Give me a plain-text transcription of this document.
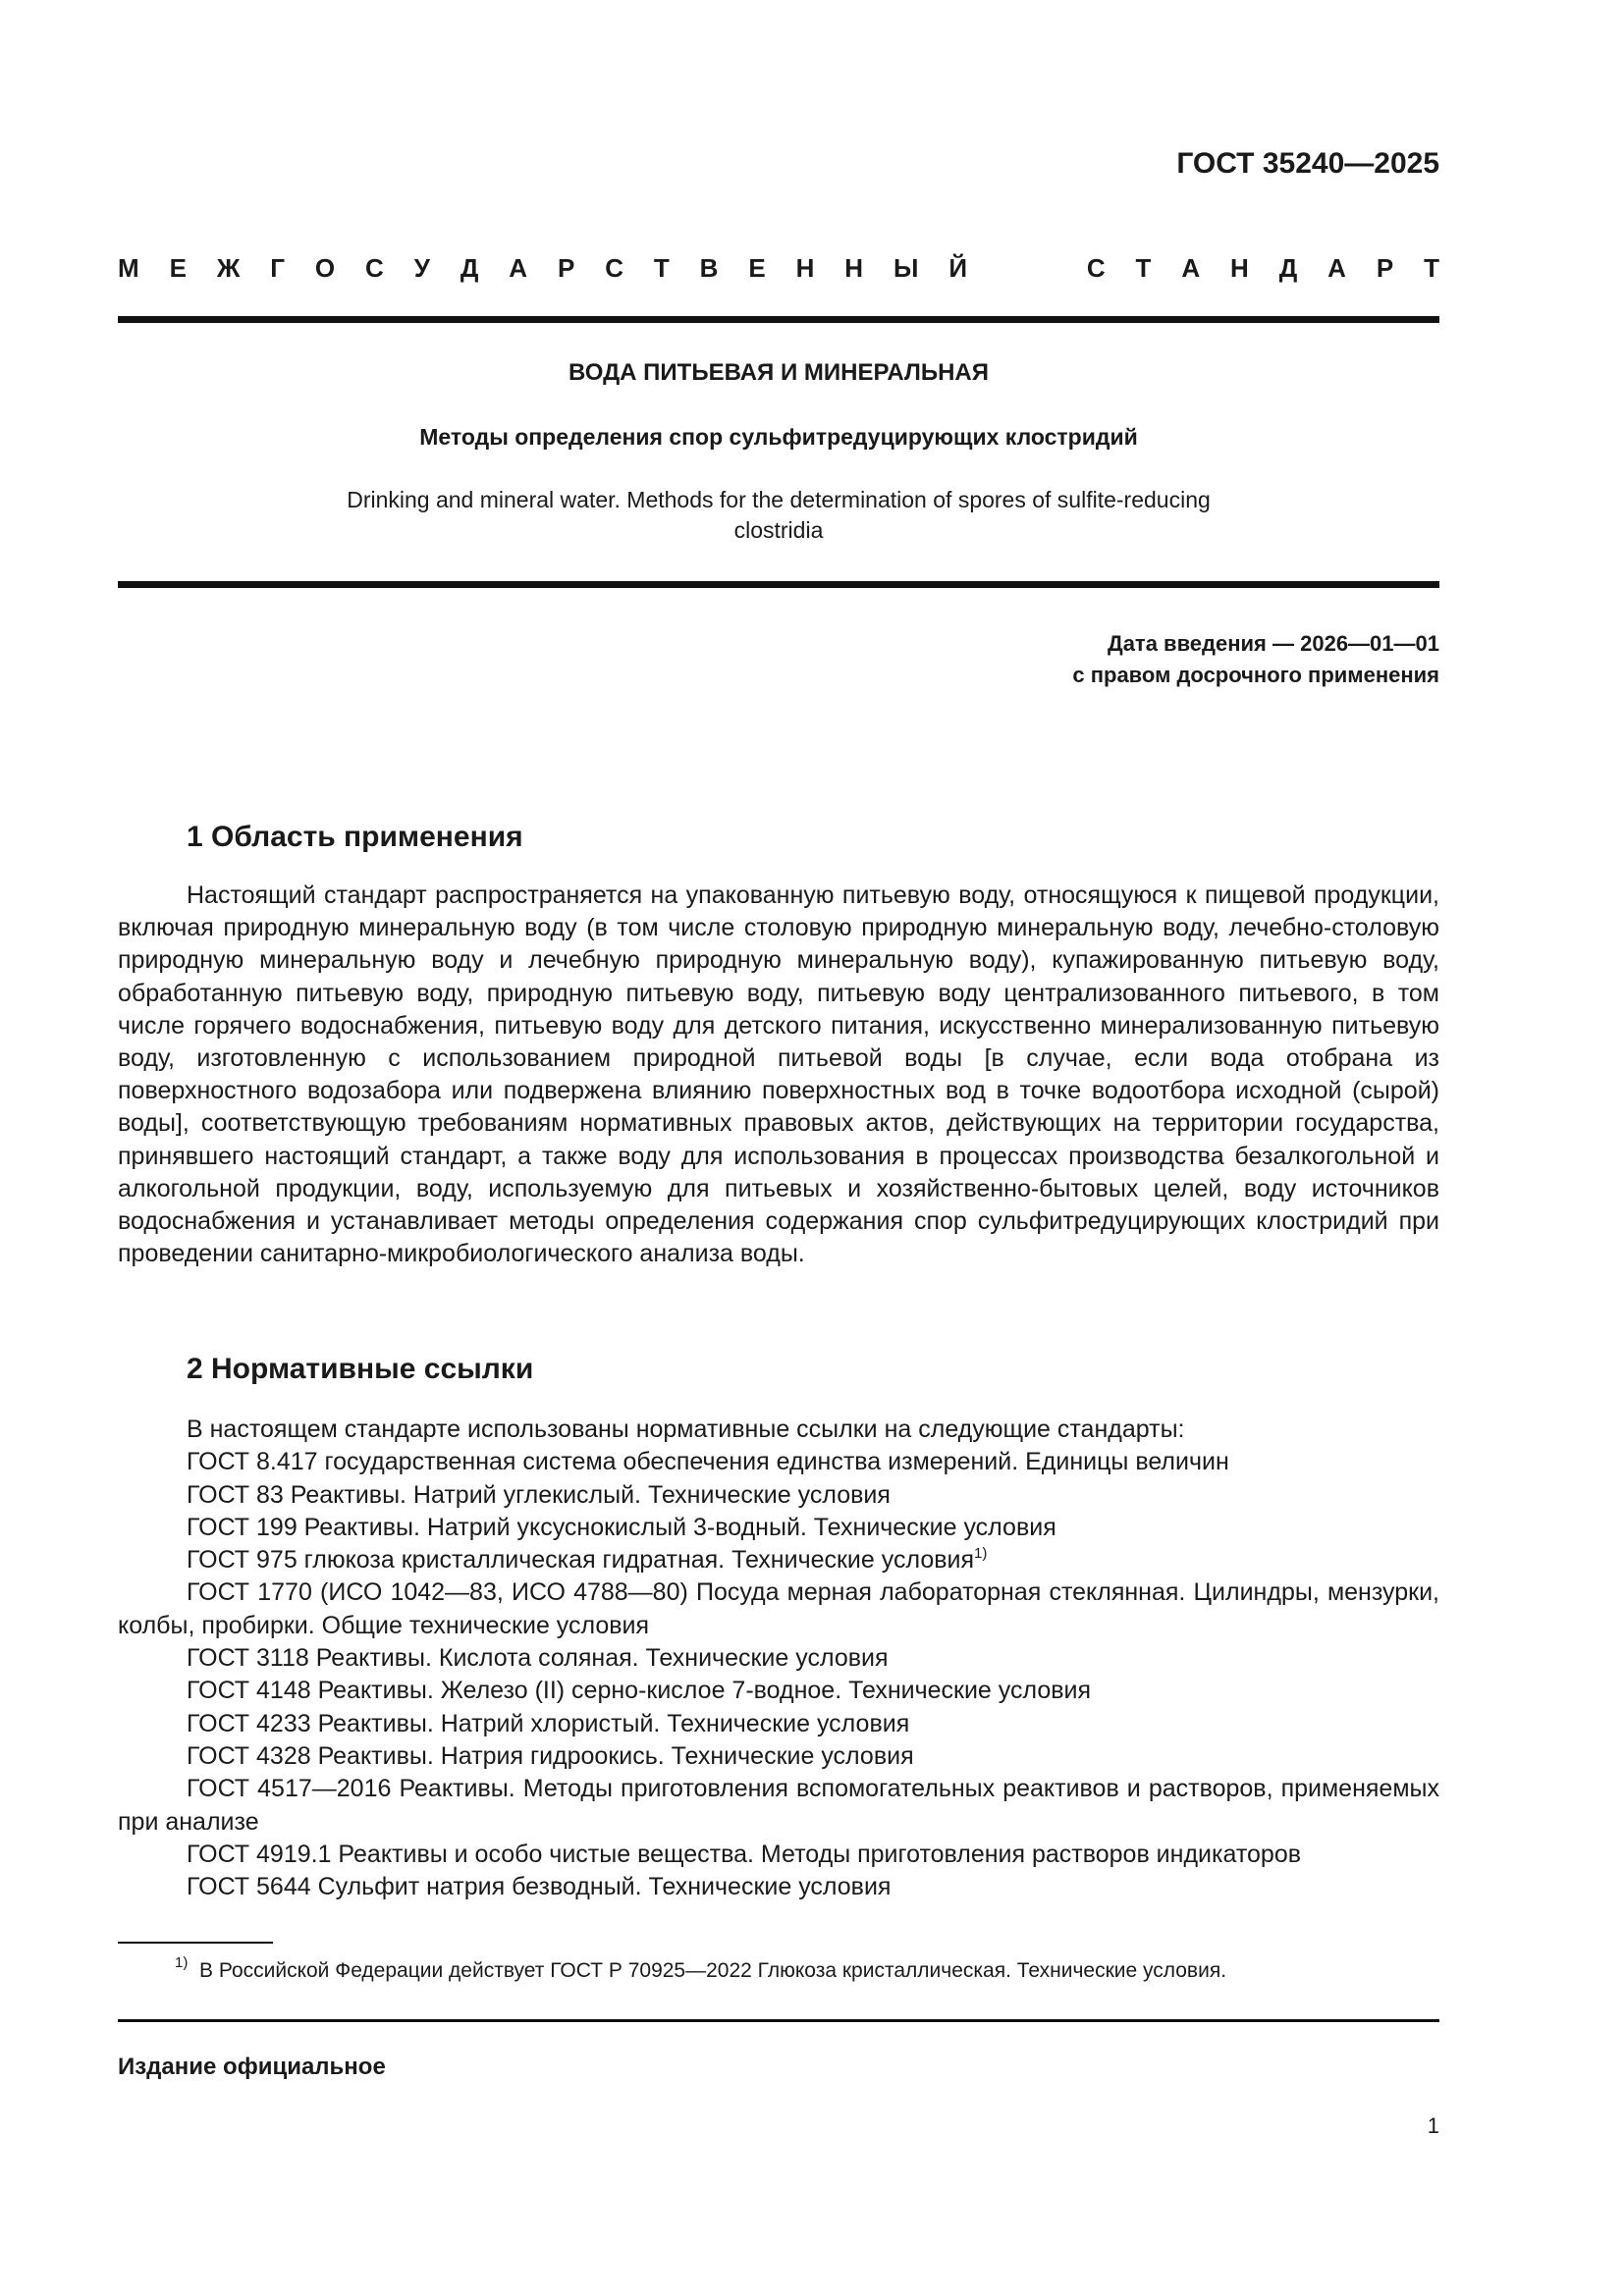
ГОСТ 35240—2025
М Е Ж Г О С У Д А Р С Т В Е Н Н Ы Й	С Т А Н Д А Р Т
ВОДА ПИТЬЕВАЯ И МИНЕРАЛЬНАЯ
Методы определения спор сульфитредуцирующих клостридий
Drinking and mineral water. Methods for the determination of spores of sulfite-reducing
clostridia
Дата введения — 2026—01—01
с правом досрочного применения
1 Область применения

Настоящий стандарт распространяется на упакованную питьевую воду, относящуюся к пищевой продукции, включая природную минеральную воду (в том числе столовую природную минеральную воду, лечебно-столовую природную минеральную воду и лечебную природную минеральную воду), купажированную питьевую воду, обработанную питьевую воду, природную питьевую воду, питьевую воду централизованного питьевого, в том числе горячего водоснабжения, питьевую воду для детского питания, искусственно минерализованную питьевую воду, изготовленную с использованием природной питьевой воды [в случае, если вода отобрана из поверхностного водозабора или подвержена влиянию поверхностных вод в точке водоотбора исходной (сырой) воды], соответствующую требованиям нормативных правовых актов, действующих на территории государства, принявшего настоящий стандарт, а также воду для использования в процессах производства безалкогольной и алкогольной продукции, воду, используемую для питьевых и хозяйственно-бытовых целей, воду источников водоснабжения и устанавливает методы определения содержания спор сульфитредуцирующих клостридий при проведении санитарно-микробиологического анализа воды.

2 Нормативные ссылки

В настоящем стандарте использованы нормативные ссылки на следующие стандарты:

ГОСТ 8.417 государственная система обеспечения единства измерений. Единицы величин

ГОСТ 83 Реактивы. Натрий углекислый. Технические условия

ГОСТ 199 Реактивы. Натрий уксуснокислый 3-водный. Технические условия

ГОСТ 975 глюкоза кристаллическая гидратная. Технические условия$^{1)}$

ГОСТ 1770 (ИСО 1042—83, ИСО 4788—80) Посуда мерная лабораторная стеклянная. Цилиндры, мензурки, колбы, пробирки. Общие технические условия

ГОСТ 3118 Реактивы. Кислота соляная. Технические условия

ГОСТ 4148 Реактивы. Железо (II) серно-кислое 7-водное. Технические условия

ГОСТ 4233 Реактивы. Натрий хлористый. Технические условия

ГОСТ 4328 Реактивы. Натрия гидроокись. Технические условия

ГОСТ 4517—2016 Реактивы. Методы приготовления вспомогательных реактивов и растворов, применяемых при анализе

ГОСТ 4919.1 Реактивы и особо чистые вещества. Методы приготовления растворов индикаторов

ГОСТ 5644 Сульфит натрия безводный. Технические условия

$^{1)}$ В Российской Федерации действует ГОСТ Р 70925—2022 Глюкоза кристаллическая. Технические условия.
Издание официальное
1
